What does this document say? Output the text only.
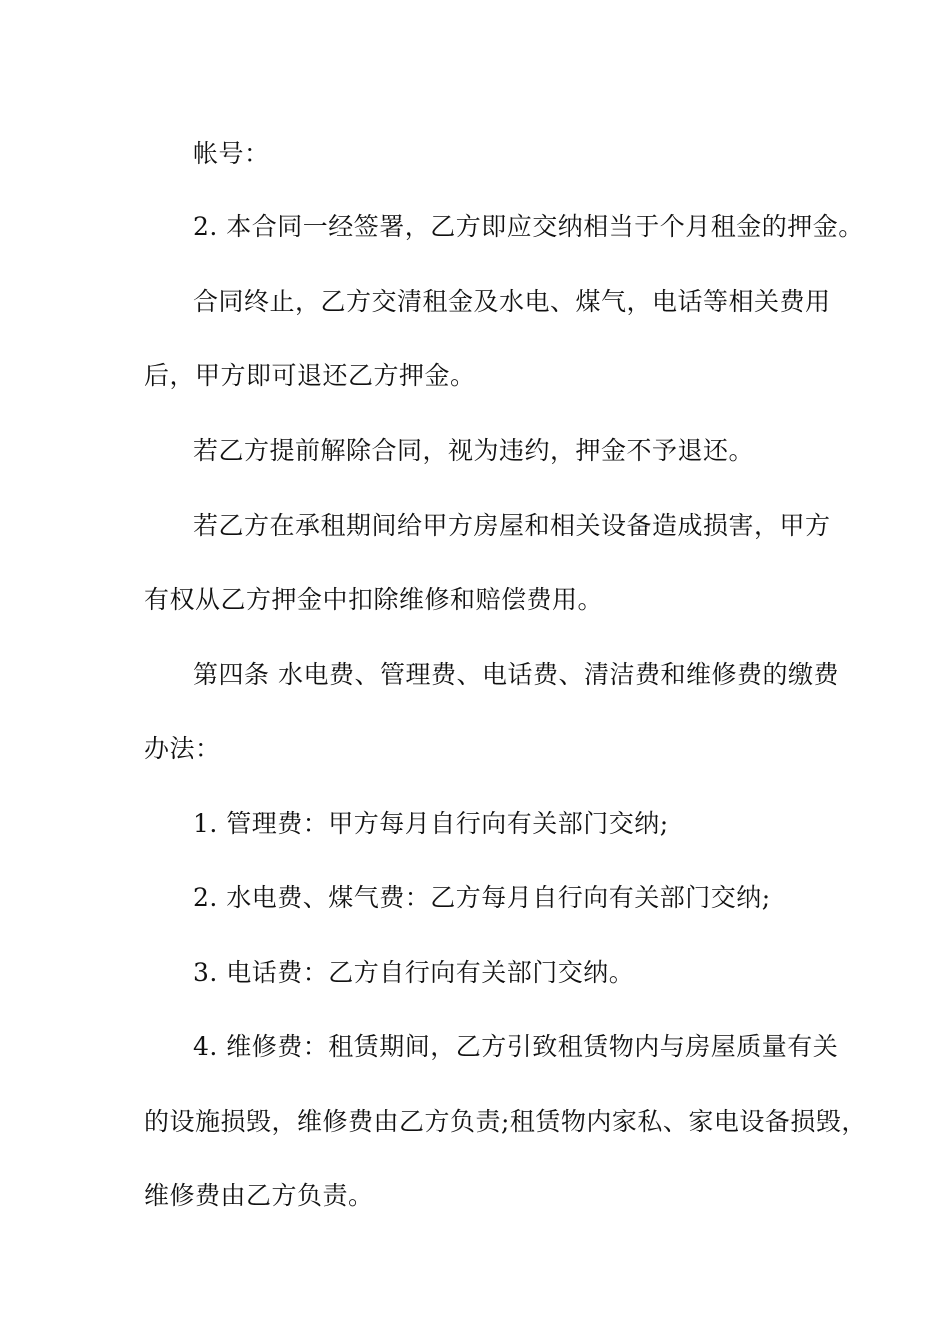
帐号：
2. 本合同一经签署，乙方即应交纳相当于个月租金的押金。
合同终止，乙方交清租金及水电、煤气，电话等相关费用
后，甲方即可退还乙方押金。
若乙方提前解除合同，视为违约，押金不予退还。
若乙方在承租期间给甲方房屋和相关设备造成损害，甲方
有权从乙方押金中扣除维修和赔偿费用。
第四条 水电费、管理费、电话费、清洁费和维修费的缴费
办法：
1. 管理费：甲方每月自行向有关部门交纳;
2. 水电费、煤气费：乙方每月自行向有关部门交纳;
3. 电话费：乙方自行向有关部门交纳。
4. 维修费：租赁期间，乙方引致租赁物内与房屋质量有关
的设施损毁，维修费由乙方负责;租赁物内家私、家电设备损毁，
维修费由乙方负责。
